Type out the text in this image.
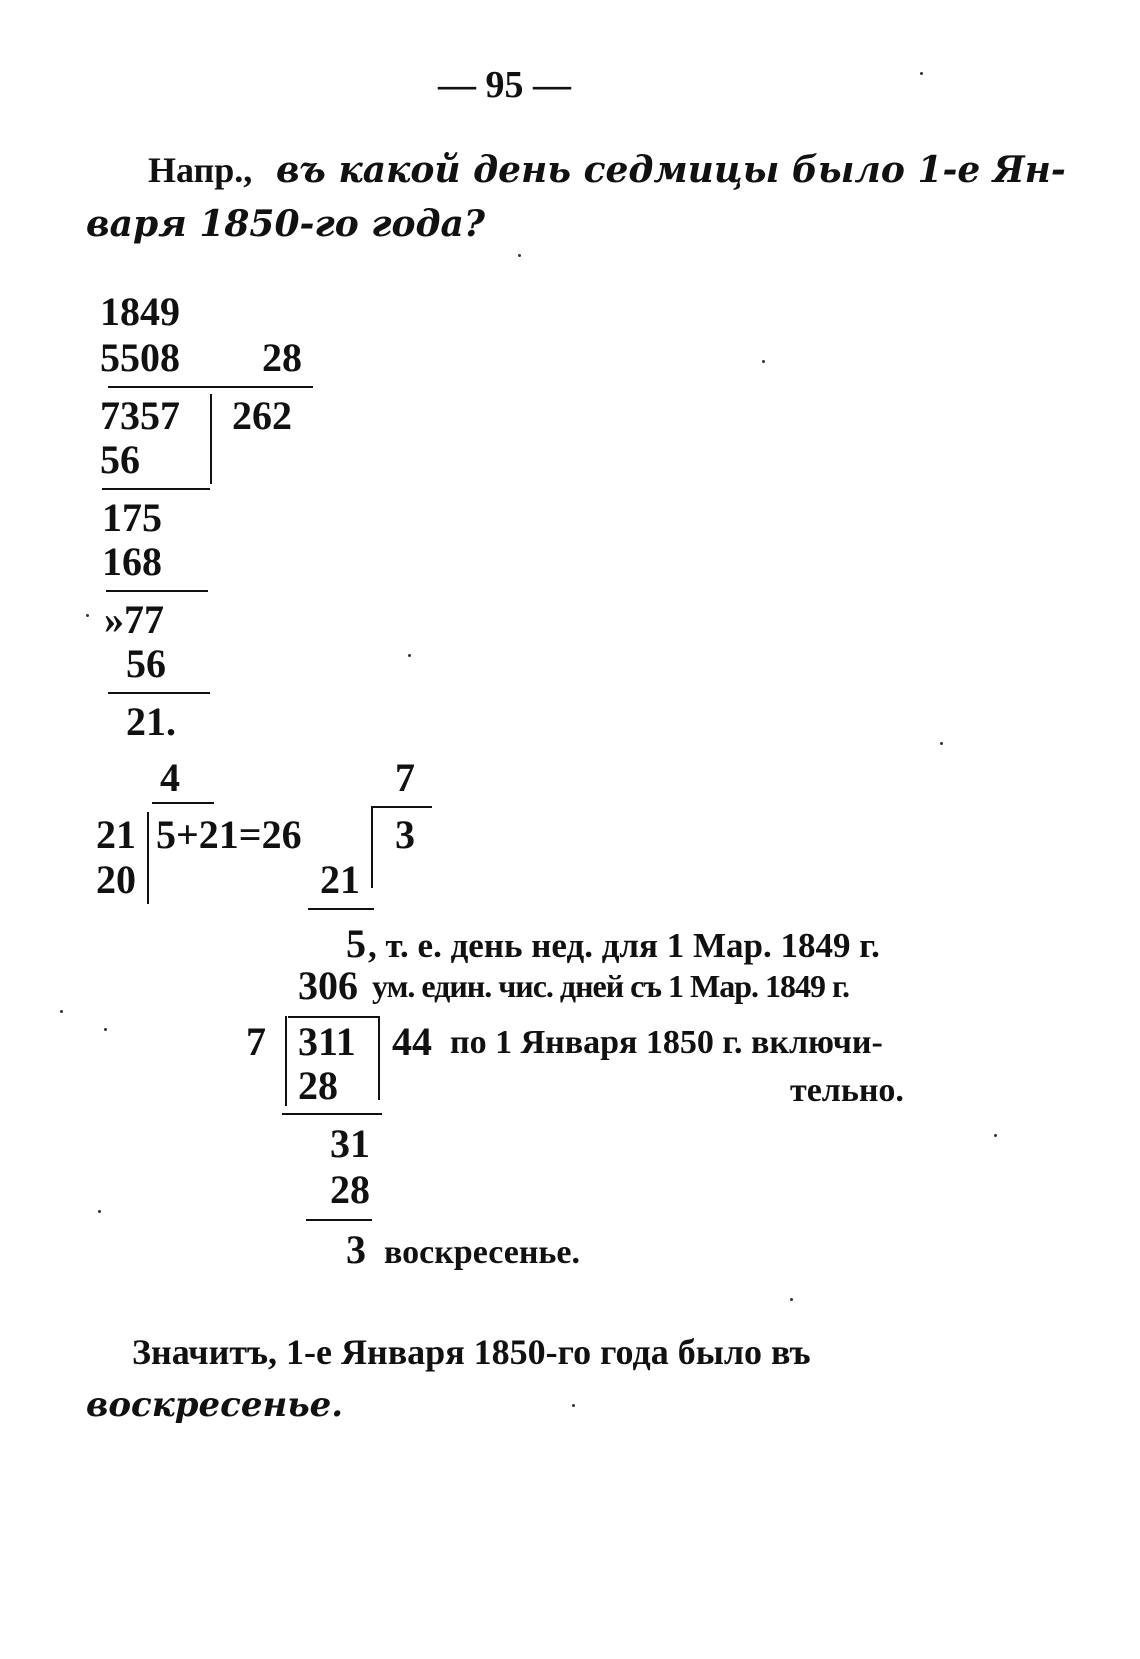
— 95 —
Напр., въ какой день седмицы было 1-е Ян-
варя 1850-го года?
1849
5508 28
7357 262
56
175
168
»77
56
21.
4	7
21 5+21=26 3
20	21
5 , т. е. день нед. для 1 Мар. 1849 г.
306 ум. един. чис. дней съ 1 Мар. 1849 г.
7 311 44 по 1 Января 1850 г. включи-
28	тельно.
31
28
3 воскресенье.
Значитъ, 1-е Января 1850-го года было въ
воскресенье.
